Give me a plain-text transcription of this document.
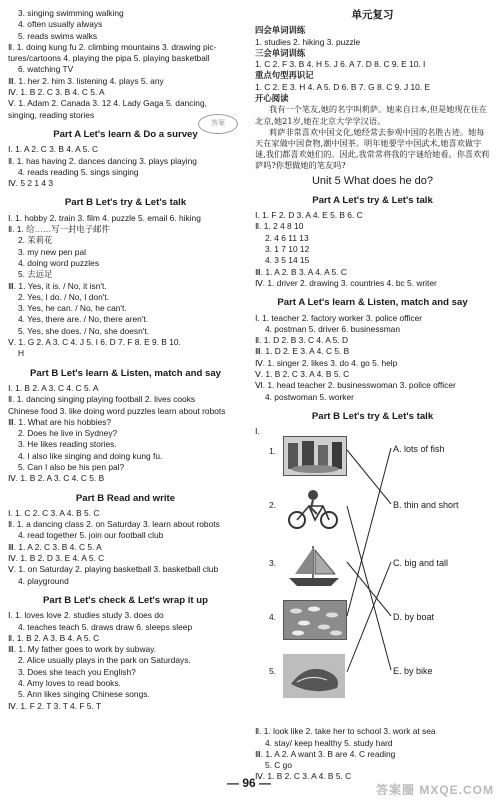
3. singing swimming walking
4. often usually always
5. reads swims walks
Ⅱ. 1. doing kung fu 2. climbing mountains 3. drawing pic-
tures/cartoons 4. playing the pipa 5. playing basketball
6. watching TV
Ⅲ. 1. her 2. him 3. listening 4. plays 5. any
Ⅳ. 1. B 2. C 3. B 4. C 5. A
Ⅴ. 1. Adam 2. Canada 3. 12 4. Lady Gaga 5. dancing,
singing, reading stories
Part A Let's learn & Do a survey
Ⅰ. 1. A 2. C 3. B 4. A 5. C
Ⅱ. 1. has having 2. dances dancing 3. plays playing
4. reads reading 5. sings singing
Ⅳ. 5 2 1 4 3
Part B Let's try & Let's talk
Ⅰ. 1. hobby 2. train 3. film 4. puzzle 5. email 6. hiking
Ⅱ. 1. 给……写一封电子邮件
2. 茉莉花
3. my new pen pal
4. doing word puzzles
5. 去远足
Ⅲ. 1. Yes, it is. / No, it isn't.
2. Yes, I do. / No, I don't.
3. Yes, he can. / No, he can't.
4. Yes, there are. / No, there aren't.
5. Yes, she does. / No, she doesn't.
Ⅴ. 1. G 2. A 3. C 4. J 5. I 6. D 7. F 8. E 9. B 10.
H
Part B Let's learn & Listen, match and say
Ⅰ. 1. B 2. A 3. C 4. C 5. A
Ⅱ. 1. dancing singing playing football 2. lives cooks
Chinese food 3. like doing word puzzles learn about robots
Ⅲ. 1. What are his hobbies?
2. Does he live in Sydney?
3. He likes reading stories.
4. I also like singing and doing kung fu.
5. Can I also be his pen pal?
Ⅳ. 1. B 2. A 3. C 4. C 5. B
Part B Read and write
Ⅰ. 1. C 2. C 3. A 4. B 5. C
Ⅱ. 1. a dancing class 2. on Saturday 3. learn about robots
4. read together 5. join our football club
Ⅲ. 1. A 2. C 3. B 4. C 5. A
Ⅳ. 1. B 2. D 3. E 4. A 5. C
Ⅴ. 1. on Saturday 2. playing basketball 3. basketball club
4. playground
Part B Let's check & Let's wrap it up
Ⅰ. 1. loves love 2. studies study 3. does do
4. teaches teach 5. draws draw 6. sleeps sleep
Ⅱ. 1. B 2. A 3. B 4. A 5. C
Ⅲ. 1. My father goes to work by subway.
2. Alice usually plays in the park on Saturdays.
3. Does she teach you English?
4. Amy loves to read books.
5. Ann likes singing Chinese songs.
Ⅳ. 1. F 2. T 3. T 4. F 5. T
答案
单元复习
四会单词训练
1. studies 2. hiking 3. puzzle
三会单词训练
1. C 2. F 3. B 4. H 5. J 6. A 7. D 8. C 9. E 10. I
重点句型再识记
1. C 2. E 3. H 4. A 5. D 6. B 7. G 8. C 9. J 10. E
开心阅读
我有一个笔友,她的名字叫莉萨。她来自日本,但是她现在住在北京,她21岁,她在北京大学学汉语。
莉萨非常喜欢中国文化,她经常去参观中国的名胜古迹。她每天在家做中国食物,潮中国茶。明年她要学中国武术,她喜欢做字谜,我们都喜欢她们的。因此,我常常将我的字谜给她看。你喜欢莉萨吗?你想做她的笔友吗?
Unit 5 What does he do?
Part A Let's try & Let's talk
Ⅰ. 1. F 2. D 3. A 4. E 5. B 6. C
Ⅱ. 1. 2 4 8 10
2. 4 6 11 13
3. 1 7 10 12
4. 3 5 14 15
Ⅲ. 1. A 2. B 3. A 4. A 5. C
Ⅳ. 1. driver 2. drawing 3. countries 4. bc 5. writer
Part A Let's learn & Listen, match and say
Ⅰ. 1. teacher 2. factory worker 3. police officer
4. postman 5. driver 6. businessman
Ⅱ. 1. D 2. B 3. C 4. A 5. D
Ⅲ. 1. D 2. E 3. A 4. C 5. B
Ⅳ. 1. singer 2. likes 3. do 4. go 5. help
Ⅴ. 1. B 2. C 3. A 4. B 5. C
Ⅵ. 1. head teacher 2. businesswoman 3. police officer
4. postwoman 5. worker
Part B Let's try & Let's talk
Ⅰ.
1.
2.
3.
4.
5.
A. lots of fish
B. thin and short
C. big and tall
D. by boat
E. by bike
Ⅱ. 1. look like 2. take her to school 3. work at sea
4. stay/ keep healthy 5. study hard
Ⅲ. 1. A 2. A want 3. B are 4. C reading
5. C go
Ⅳ. 1. B 2. C 3. A 4. B 5. C
— 96 —	答案圈 MXQE.COM
